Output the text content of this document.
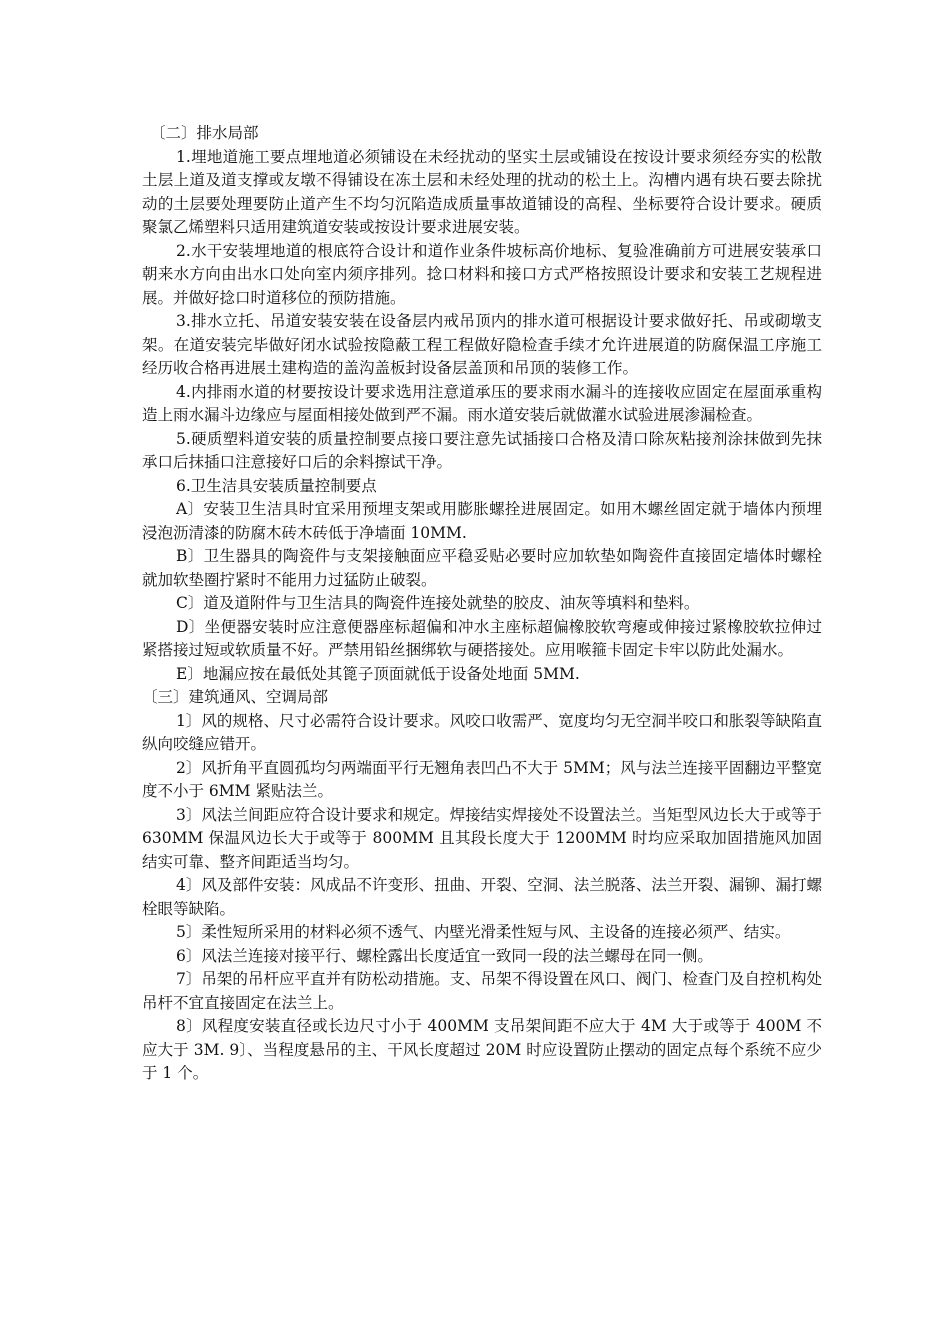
〔二〕排水局部

1.埋地道施工要点埋地道必须铺设在未经扰动的坚实土层或铺设在按设计要求须经夯实的松散土层上道及道支撑或友墩不得铺设在冻土层和未经处理的扰动的松土上。沟槽内遇有块石要去除扰动的土层要处理要防止道产生不均匀沉陷造成质量事故道铺设的高程、坐标要符合设计要求。硬质聚氯乙烯塑料只适用建筑道安装或按设计要求进展安装。

2.水干安装埋地道的根底符合设计和道作业条件坡标高价地标、复验准确前方可进展安装承口朝来水方向由出水口处向室内须序排列。捻口材料和接口方式严格按照设计要求和安装工艺规程进展。并做好捻口时道移位的预防措施。

3.排水立托、吊道安装安装在设备层内戒吊顶内的排水道可根据设计要求做好托、吊或砌墩支架。在道安装完毕做好闭水试验按隐蔽工程工程做好隐检查手续才允许进展道的防腐保温工序施工经历收合格再进展土建构造的盖沟盖板封设备层盖顶和吊顶的装修工作。

4.内排雨水道的材要按设计要求选用注意道承压的要求雨水漏斗的连接收应固定在屋面承重构造上雨水漏斗边缘应与屋面相接处做到严不漏。雨水道安装后就做灌水试验进展渗漏检查。

5.硬质塑料道安装的质量控制要点接口要注意先试插接口合格及清口除灰粘接剂涂抹做到先抹承口后抹插口注意接好口后的余料擦试干净。

6.卫生洁具安装质量控制要点

A〕安装卫生洁具时宜采用预埋支架或用膨胀螺拴进展固定。如用木螺丝固定就于墙体内预埋浸泡沥清漆的防腐木砖木砖低于净墙面 10MM.

B〕卫生器具的陶瓷件与支架接触面应平稳妥贴必要时应加软垫如陶瓷件直接固定墙体时螺栓就加软垫圈拧紧时不能用力过猛防止破裂。

C〕道及道附件与卫生洁具的陶瓷件连接处就垫的胶皮、油灰等填料和垫料。

D〕坐便器安装时应注意便器座标超偏和冲水主座标超偏橡胶软弯瘪或伸接过紧橡胶软拉伸过紧搭接过短或软质量不好。严禁用铅丝捆绑软与硬搭接处。应用喉箍卡固定卡牢以防此处漏水。

E〕地漏应按在最低处其篦子顶面就低于设备处地面 5MM.

〔三〕建筑通风、空调局部

1〕风的规格、尺寸必需符合设计要求。风咬口收需严、宽度均匀无空洞半咬口和胀裂等缺陷直纵向咬缝应错开。

2〕风折角平直圆孤均匀两端面平行无翘角表凹凸不大于 5MM；风与法兰连接平固翻边平整宽度不小于 6MM 紧贴法兰。

3〕风法兰间距应符合设计要求和规定。焊接结实焊接处不设置法兰。当矩型风边长大于或等于 630MM 保温风边长大于或等于 800MM 且其段长度大于 1200MM 时均应采取加固措施风加固结实可靠、整齐间距适当均匀。

4〕风及部件安装：风成品不许变形、扭曲、开裂、空洞、法兰脱落、法兰开裂、漏铆、漏打螺栓眼等缺陷。

5〕柔性短所采用的材料必须不透气、内壁光滑柔性短与风、主设备的连接必须严、结实。

6〕风法兰连接对接平行、螺栓露出长度适宜一致同一段的法兰螺母在同一侧。

7〕吊架的吊杆应平直并有防松动措施。支、吊架不得设置在风口、阀门、检查门及自控机构处吊杆不宜直接固定在法兰上。

8〕风程度安装直径或长边尺寸小于 400MM 支吊架间距不应大于 4M 大于或等于 400M 不应大于 3M. 9〕、当程度悬吊的主、干风长度超过 20M 时应设置防止摆动的固定点每个系统不应少于 1 个。
